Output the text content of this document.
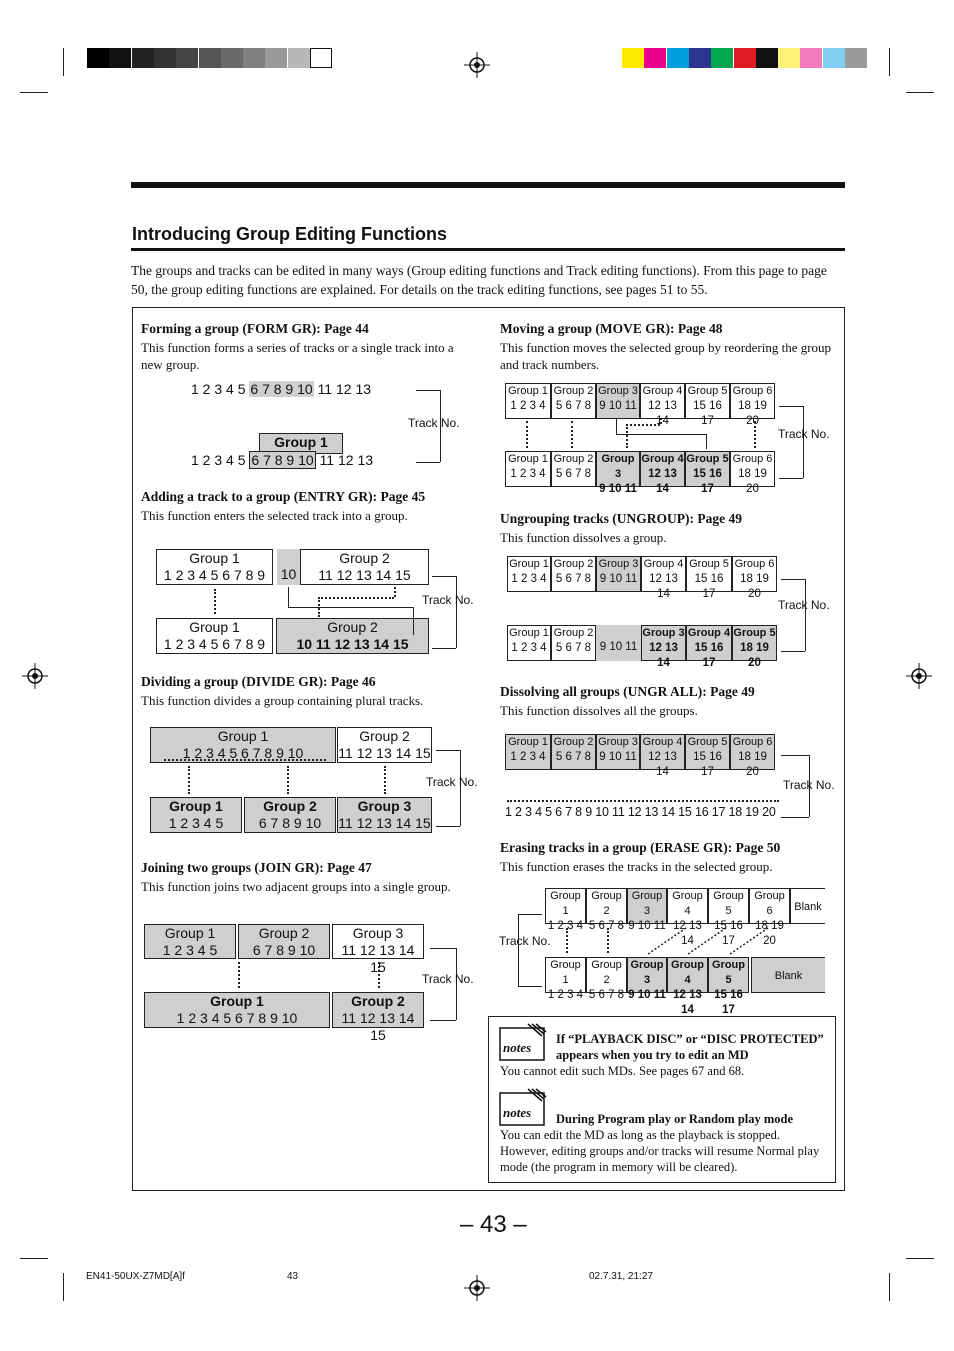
Introducing Group Editing Functions
The groups and tracks can be edited in many ways (Group editing functions and Track editing functions). From this page to page 50, the group editing functions are explained. For details on the track editing functions, see pages 51 to 55.
Forming a group (FORM GR): Page 44
This function forms a series of tracks or a single track into a new group.
1 2 3 4 5 6 7 8 9 10 11 12 13
Group 1
1 2 3 4 5 6 7 8 9 10 11 12 13
Track No.
Adding a track to a group (ENTRY GR): Page 45
This function enters the selected track into a group.
Group 1
1 2 3 4 5 6 7 8 9
	10
Group 2
11 12 13 14 15
Group 1
1 2 3 4 5 6 7 8 9
Group 2
10 11 12 13 14 15
Track No.
Dividing a group (DIVIDE GR): Page 46
This function divides a group containing plural tracks.
Group 1
1 2 3 4 5 6 7 8 9 10
Group 2
11 12 13 14 15
Group 1
1 2 3 4 5
Group 2
6 7 8 9 10
Group 3
11 12 13 14 15
Track No.
Joining two groups (JOIN GR): Page 47
This function joins two adjacent groups into a single group.
Group 1
1 2 3 4 5
Group 2
6 7 8 9 10
Group 3
11 12 13 14 15
Group 1
1 2 3 4 5 6 7 8 9 10
Group 2
11 12 13 14 15
Track No.
Moving a group (MOVE GR): Page 48
This function moves the selected group by reordering the group and track numbers.
Group 1
1 2 3 4
Group 2
5 6 7 8
Group 3
9 10 11
Group 4
12 13 14
Group 5
15 16 17
Group 6
18 19 20
Group 1
1 2 3 4
Group 2
5 6 7 8
Group 3
9 10 11
Group 4
12 13 14
Group 5
15 16 17
Group 6
18 19 20
Track No.
Ungrouping tracks (UNGROUP): Page 49
This function dissolves a group.
Group 1
1 2 3 4
Group 2
5 6 7 8
Group 3
9 10 11
Group 4
12 13 14
Group 5
15 16 17
Group 6
18 19 20
Group 1
1 2 3 4
Group 2
5 6 7 8
9 10 11
Group 3
12 13 14
Group 4
15 16 17
Group 5
18 19 20
Track No.
Dissolving all groups (UNGR ALL): Page 49
This function dissolves all the groups.
Group 1
1 2 3 4
Group 2
5 6 7 8
Group 3
9 10 11
Group 4
12 13 14
Group 5
15 16 17
Group 6
18 19 20
1 2 3 4 5 6 7 8 9 10 11 12 13 14 15 16 17 18 19 20
Track No.
Erasing tracks in a group (ERASE GR): Page 50
This function erases the tracks in the selected group.
Group 1
1 2 3 4
Group 2
5 6 7 8
Group 3
9 10 11
Group 4
12 13 14
Group 5
15 16 17
Group 6
18 19 20
Group 1
1 2 3 4
Group 2
5 6 7 8
Group 3
9 10 11
Group 4
12 13 14
Group 5
15 16 17
Blank
Blank
Track No.
notes
If “PLAYBACK DISC” or “DISC PROTECTED” appears when you try to edit an MD
You cannot edit such MDs. See pages 67 and 68.
notes During Program play or Random play mode
You can edit the MD as long as the playback is stopped. However, editing groups and/or tracks will resume Normal play mode (the program in memory will be cleared).
– 43 –
EN41-50UX-Z7MD[A]f	43	02.7.31, 21:27
